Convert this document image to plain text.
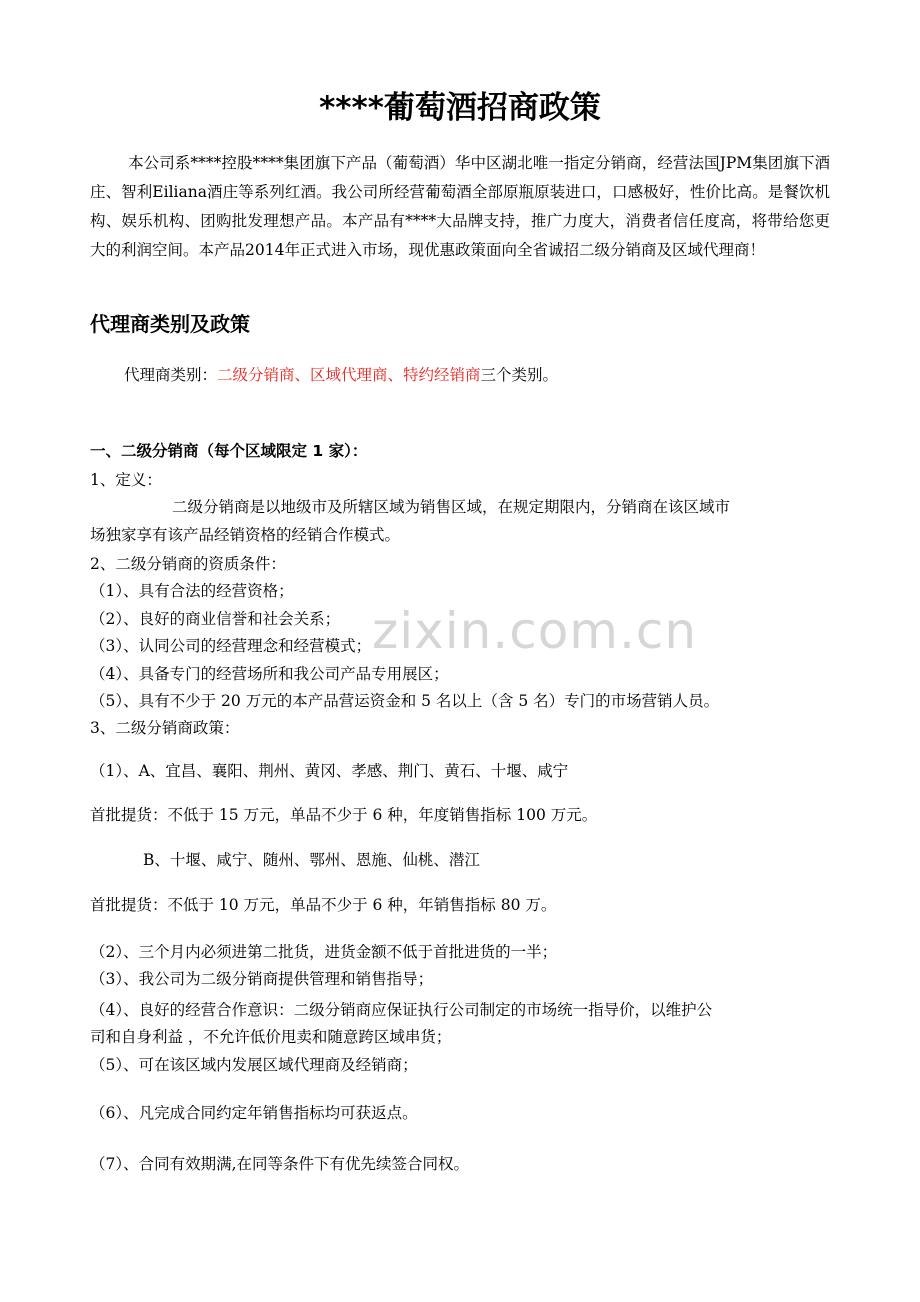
****葡萄酒招商政策
本公司系****控股****集团旗下产品（葡萄酒）华中区湖北唯一指定分销商，经营法国JPM集团旗下酒庄、智利Eiliana酒庄等系列红酒。我公司所经营葡萄酒全部原瓶原装进口，口感极好，性价比高。是餐饮机构、娱乐机构、团购批发理想产品。本产品有****大品牌支持，推广力度大，消费者信任度高，将带给您更大的利润空间。本产品2014年正式进入市场，现优惠政策面向全省诚招二级分销商及区域代理商！
代理商类别及政策
代理商类别：二级分销商、区域代理商、特约经销商三个类别。
一、二级分销商（每个区域限定 1 家）：
1、定义：
二级分销商是以地级市及所辖区域为销售区域，在规定期限内，分销商在该区域市
场独家享有该产品经销资格的经销合作模式。
2、二级分销商的资质条件：
（1）、具有合法的经营资格；
（2）、良好的商业信誉和社会关系；
（3）、认同公司的经营理念和经营模式；
（4）、具备专门的经营场所和我公司产品专用展区；
（5）、具有不少于 20 万元的本产品营运资金和 5 名以上（含 5 名）专门的市场营销人员。
3、二级分销商政策：
（1）、A、宜昌、襄阳、荆州、黄冈、孝感、荆门、黄石、十堰、咸宁
首批提货：不低于 15 万元，单品不少于 6 种，年度销售指标 100 万元。
B、十堰、咸宁、随州、鄂州、恩施、仙桃、潜江
首批提货：不低于 10 万元，单品不少于 6 种，年销售指标 80 万。
（2）、三个月内必须进第二批货，进货金额不低于首批进货的一半；
（3）、我公司为二级分销商提供管理和销售指导；
（4）、良好的经营合作意识：二级分销商应保证执行公司制定的市场统一指导价，以维护公
司和自身利益 ，不允许低价甩卖和随意跨区域串货；
（5）、可在该区域内发展区域代理商及经销商；
（6）、凡完成合同约定年销售指标均可获返点。
（7）、合同有效期满,在同等条件下有优先续签合同权。
zixin.com.cn
